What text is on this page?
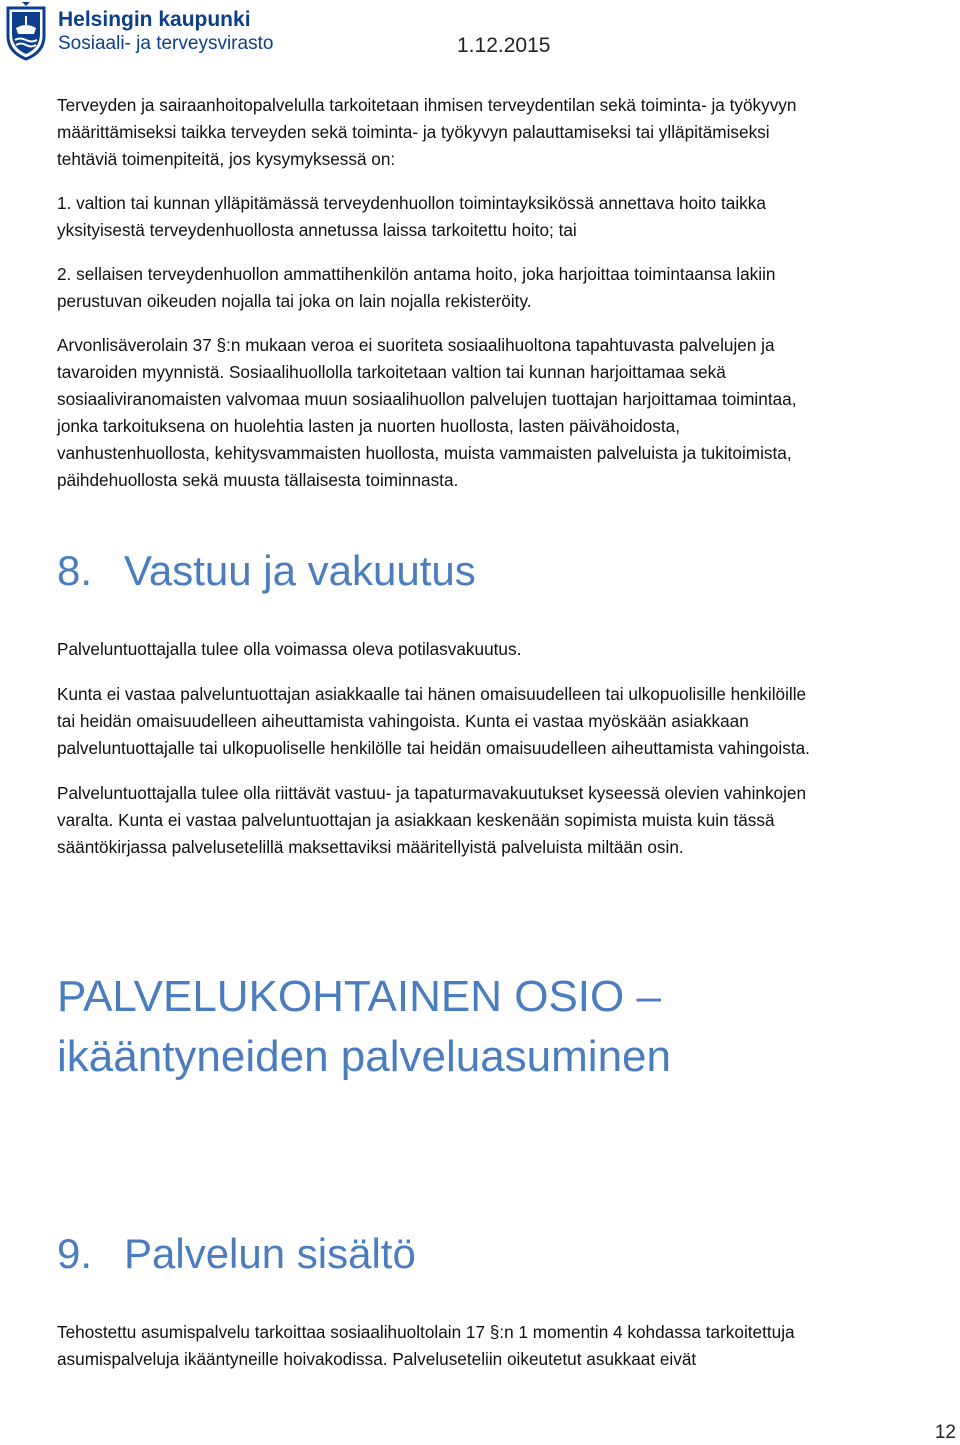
Helsingin kaupunki
Sosiaali- ja terveysvirasto	1.12.2015

Terveyden ja sairaanhoitopalvelulla tarkoitetaan ihmisen terveydentilan sekä toiminta- ja työkyvyn
määrittämiseksi taikka terveyden sekä toiminta- ja työkyvyn palauttamiseksi tai ylläpitämiseksi
tehtäviä toimenpiteitä, jos kysymyksessä on:

1. valtion tai kunnan ylläpitämässä terveydenhuollon toimintayksikössä annettava hoito taikka
yksityisestä terveydenhuollosta annetussa laissa tarkoitettu hoito; tai

2. sellaisen terveydenhuollon ammattihenkilön antama hoito, joka harjoittaa toimintaansa lakiin
perustuvan oikeuden nojalla tai joka on lain nojalla rekisteröity.

Arvonlisäverolain 37 §:n mukaan veroa ei suoriteta sosiaalihuoltona tapahtuvasta palvelujen ja
tavaroiden myynnistä. Sosiaalihuollolla tarkoitetaan valtion tai kunnan harjoittamaa sekä
sosiaaliviranomaisten valvomaa muun sosiaalihuollon palvelujen tuottajan harjoittamaa toimintaa,
jonka tarkoituksena on huolehtia lasten ja nuorten huollosta, lasten päivähoidosta,
vanhustenhuollosta, kehitysvammaisten huollosta, muista vammaisten palveluista ja tukitoimista,
päihdehuollosta sekä muusta tällaisesta toiminnasta.

8. Vastuu ja vakuutus

Palveluntuottajalla tulee olla voimassa oleva potilasvakuutus.

Kunta ei vastaa palveluntuottajan asiakkaalle tai hänen omaisuudelleen tai ulkopuolisille henkilöille
tai heidän omaisuudelleen aiheuttamista vahingoista. Kunta ei vastaa myöskään asiakkaan
palveluntuottajalle tai ulkopuoliselle henkilölle tai heidän omaisuudelleen aiheuttamista vahingoista.

Palveluntuottajalla tulee olla riittävät vastuu- ja tapaturmavakuutukset kyseessä olevien vahinkojen
varalta. Kunta ei vastaa palveluntuottajan ja asiakkaan keskenään sopimista muista kuin tässä
sääntökirjassa palvelusetelillä maksettaviksi määritellyistä palveluista miltään osin.

PALVELUKOHTAINEN OSIO –
ikääntyneiden palveluasuminen
9. Palvelun sisältö

Tehostettu asumispalvelu tarkoittaa sosiaalihuoltolain 17 §:n 1 momentin 4 kohdassa tarkoitettuja
asumispalveluja ikääntyneille hoivakodissa. Palveluseteliin oikeutetut asukkaat eivät

12
